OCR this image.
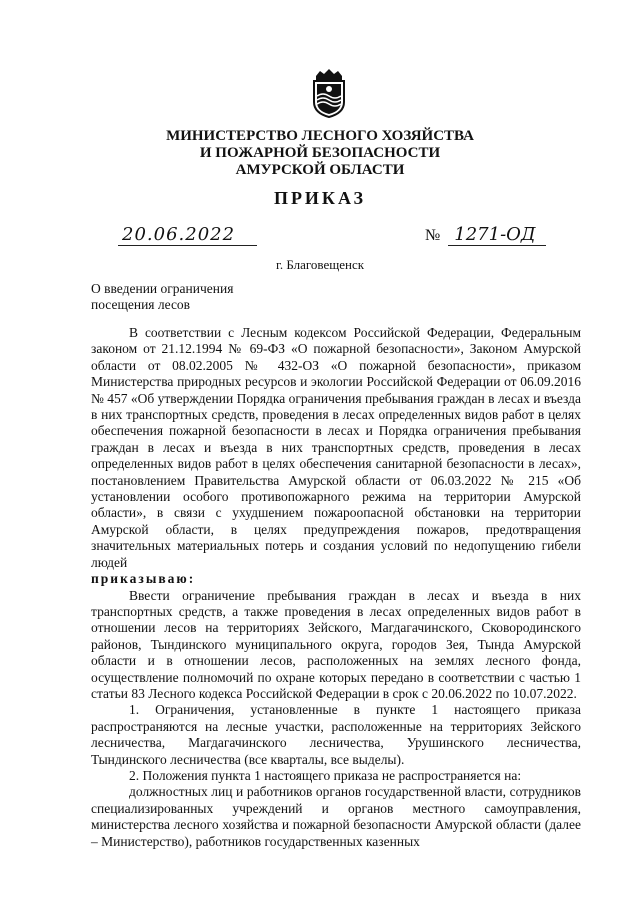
МИНИСТЕРСТВО ЛЕСНОГО ХОЗЯЙСТВА
И ПОЖАРНОЙ БЕЗОПАСНОСТИ
АМУРСКОЙ ОБЛАСТИ
ПРИКАЗ
20.06.2022	№ 1271-ОД
г. Благовещенск
О введении ограничения
посещения лесов

В соответствии с Лесным кодексом Российской Федерации, Федеральным законом от 21.12.1994 № 69-ФЗ «О пожарной безопасности», Законом Амурской области от 08.02.2005 № 432-ОЗ «О пожарной безопасности», приказом Министерства природных ресурсов и экологии Российской Федерации от 06.09.2016 № 457 «Об утверждении Порядка ограничения пребывания граждан в лесах и въезда в них транспортных средств, проведения в лесах определенных видов работ в целях обеспечения пожарной безопасности в лесах и Порядка ограничения пребывания граждан в лесах и въезда в них транспортных средств, проведения в лесах определенных видов работ в целях обеспечения санитарной безопасности в лесах», постановлением Правительства Амурской области от 06.03.2022 № 215 «Об установлении особого противопожарного режима на территории Амурской области», в связи с ухудшением пожароопасной обстановки на территории Амурской области, в целях предупреждения пожаров, предотвращения значительных материальных потерь и создания условий по недопущению гибели людей

приказываю:

Ввести ограничение пребывания граждан в лесах и въезда в них транспортных средств, а также проведения в лесах определенных видов работ в отношении лесов на территориях Зейского, Магдагачинского, Сковородинского районов, Тындинского муниципального округа, городов Зея, Тында Амурской области и в отношении лесов, расположенных на землях лесного фонда, осуществление полномочий по охране которых передано в соответствии с частью 1 статьи 83 Лесного кодекса Российской Федерации в срок с 20.06.2022 по 10.07.2022.

1. Ограничения, установленные в пункте 1 настоящего приказа распространяются на лесные участки, расположенные на территориях Зейского лесничества, Магдагачинского лесничества, Урушинского лесничества, Тындинского лесничества (все кварталы, все выделы).

2. Положения пункта 1 настоящего приказа не распространяется на:

должностных лиц и работников органов государственной власти, сотрудников специализированных учреждений и органов местного самоуправления, министерства лесного хозяйства и пожарной безопасности Амурской области (далее – Министерство), работников государственных казенных
